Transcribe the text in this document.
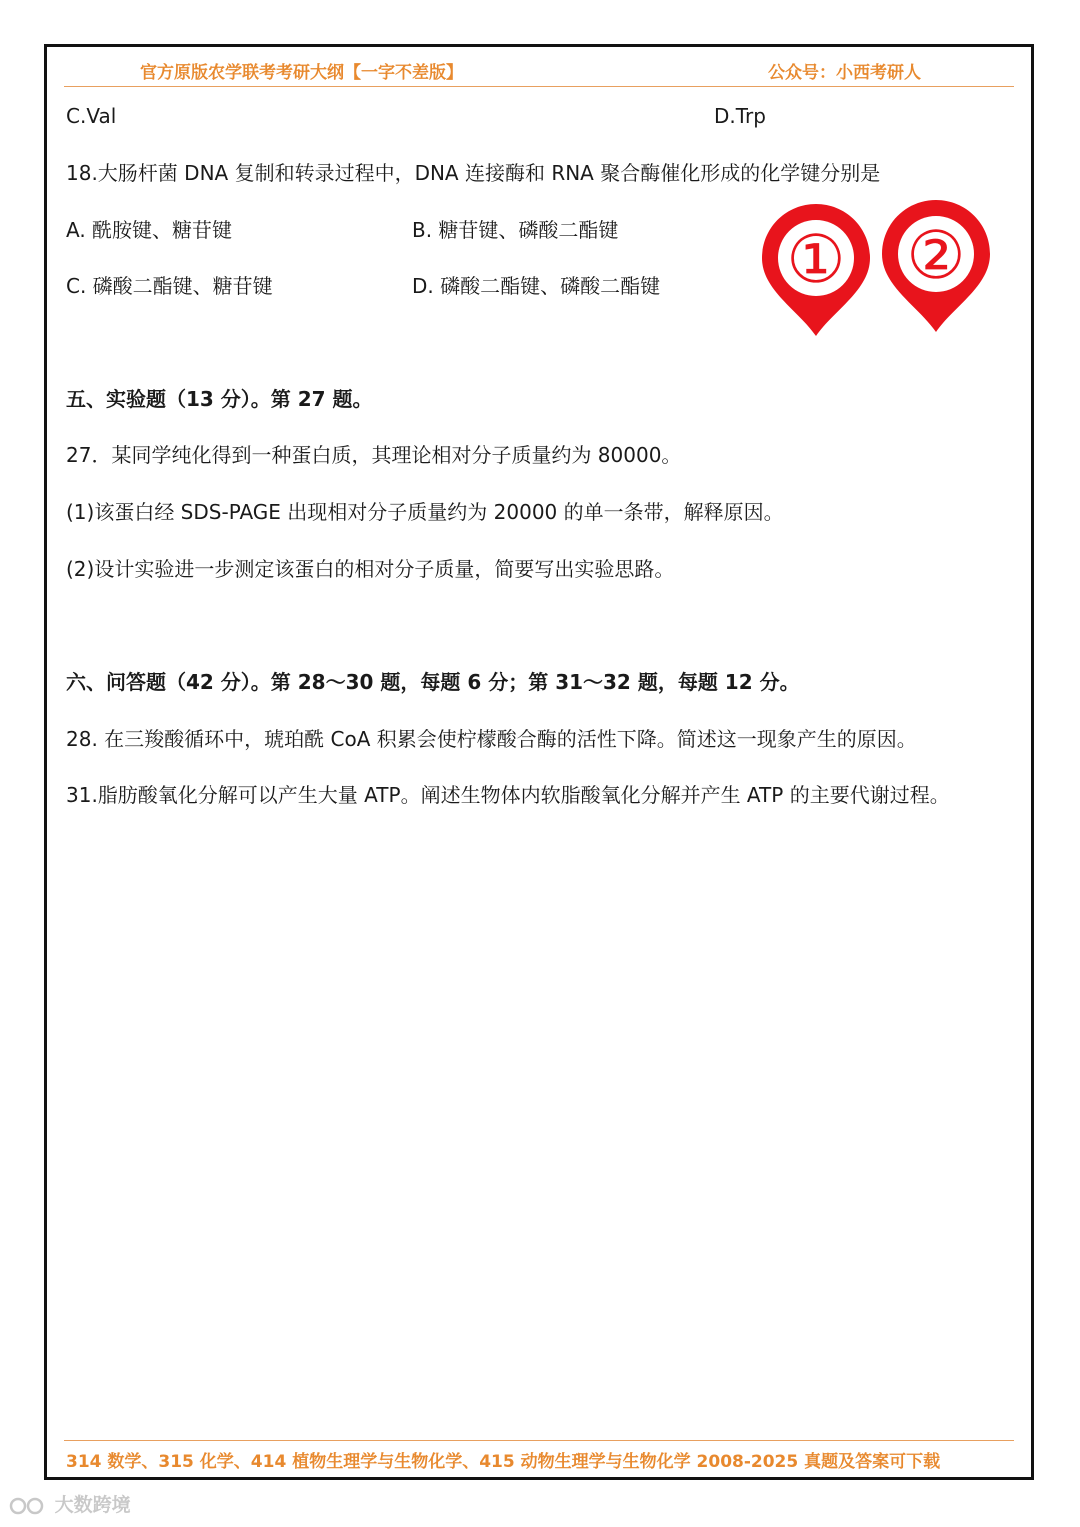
官方原版农学联考考研大纲【一字不差版】	公众号：小西考研人
C.Val	D.Trp
18.大肠杆菌 DNA 复制和转录过程中，DNA 连接酶和 RNA 聚合酶催化形成的化学键分别是
A. 酰胺键、糖苷键	B. 糖苷键、磷酸二酯键
C. 磷酸二酯键、糖苷键	D. 磷酸二酯键、磷酸二酯键 ① ②
五、实验题（13 分）。第 27 题。
27．某同学纯化得到一种蛋白质，其理论相对分子质量约为 80000。
(1)该蛋白经 SDS-PAGE 出现相对分子质量约为 20000 的单一条带，解释原因。
(2)设计实验进一步测定该蛋白的相对分子质量，简要写出实验思路。
六、问答题（42 分）。第 28～30 题，每题 6 分；第 31～32 题，每题 12 分。
28. 在三羧酸循环中，琥珀酰 CoA 积累会使柠檬酸合酶的活性下降。简述这一现象产生的原因。
31.脂肪酸氧化分解可以产生大量 ATP。阐述生物体内软脂酸氧化分解并产生 ATP 的主要代谢过程。
314 数学、315 化学、414 植物生理学与生物化学、415 动物生理学与生物化学 2008-2025 真题及答案可下载
大数跨境
